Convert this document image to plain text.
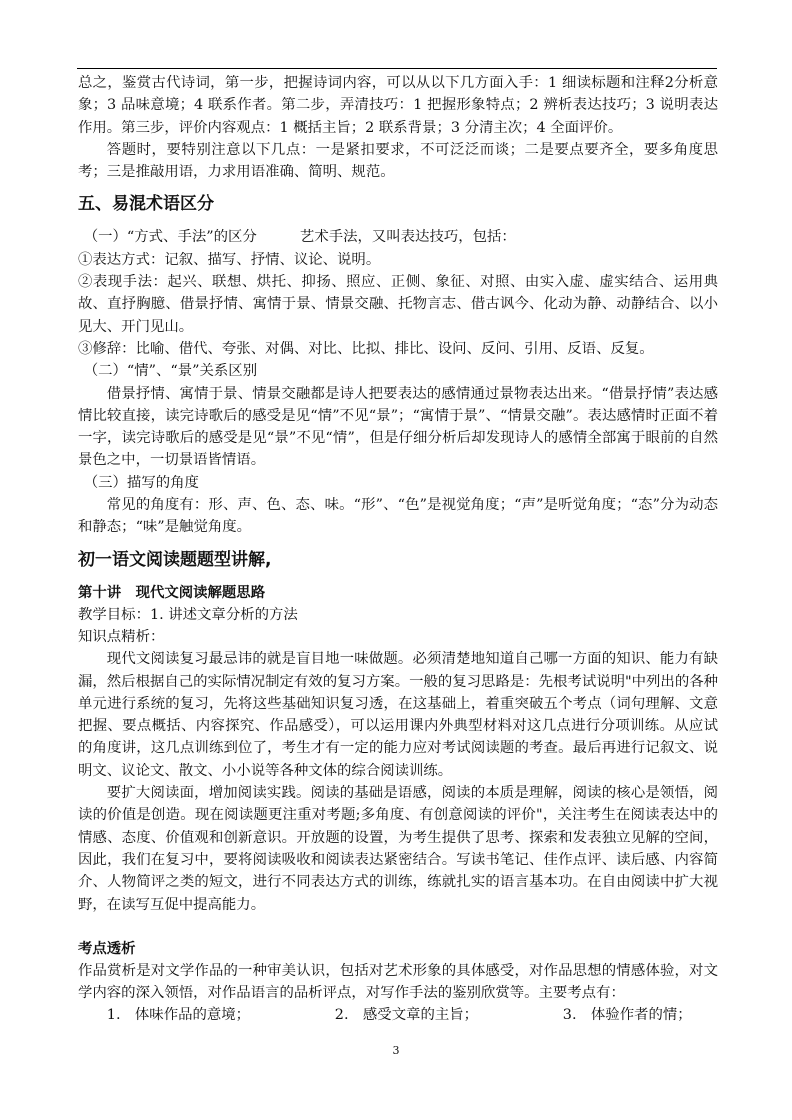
总之，鉴赏古代诗词，第一步，把握诗词内容，可以从以下几方面入手：1 细读标题和注释2分析意象；3 品味意境；4 联系作者。第二步，弄清技巧：1 把握形象特点；2 辨析表达技巧；3 说明表达作用。第三步，评价内容观点：1 概括主旨；2 联系背景；3 分清主次；4 全面评价。

答题时，要特别注意以下几点：一是紧扣要求，不可泛泛而谈；二是要点要齐全，要多角度思考；三是推敲用语，力求用语准确、简明、规范。

五、易混术语区分

（一）“方式、手法”的区分　　　艺术手法，又叫表达技巧，包括：

①表达方式：记叙、描写、抒情、议论、说明。

②表现手法：起兴、联想、烘托、抑扬、照应、正侧、象征、对照、由实入虚、虚实结合、运用典故、直抒胸臆、借景抒情、寓情于景、情景交融、托物言志、借古讽今、化动为静、动静结合、以小见大、开门见山。

③修辞：比喻、借代、夸张、对偶、对比、比拟、排比、设问、反问、引用、反语、反复。

（二）“情”、“景”关系区别

借景抒情、寓情于景、情景交融都是诗人把要表达的感情通过景物表达出来。“借景抒情”表达感情比较直接，读完诗歌后的感受是见“情”不见“景”；“寓情于景”、“情景交融”。表达感情时正面不着一字，读完诗歌后的感受是见“景”不见“情”，但是仔细分析后却发现诗人的感情全部寓于眼前的自然景色之中，一切景语皆情语。

（三）描写的角度

常见的角度有：形、声、色、态、味。“形”、“色”是视觉角度；“声”是听觉角度；“态”分为动态和静态；“味”是触觉角度。

初一语文阅读题题型讲解,
第十讲　现代文阅读解题思路

教学目标：1. 讲述文章分析的方法

知识点精析：

现代文阅读复习最忌讳的就是盲目地一味做题。必须清楚地知道自己哪一方面的知识、能力有缺漏，然后根据自己的实际情况制定有效的复习方案。一般的复习思路是：先根考试说明"中列出的各种单元进行系统的复习，先将这些基础知识复习透，在这基础上，着重突破五个考点（词句理解、文意把握、要点概括、内容探究、作品感受），可以运用课内外典型材料对这几点进行分项训练。从应试的角度讲，这几点训练到位了，考生才有一定的能力应对考试阅读题的考查。最后再进行记叙文、说明文、议论文、散文、小小说等各种文体的综合阅读训练。

要扩大阅读面，增加阅读实践。阅读的基础是语感，阅读的本质是理解，阅读的核心是领悟，阅读的价值是创造。现在阅读题更注重对考题;多角度、有创意阅读的评价"，关注考生在阅读表达中的情感、态度、价值观和创新意识。开放题的设置，为考生提供了思考、探索和发表独立见解的空间，因此，我们在复习中，要将阅读吸收和阅读表达紧密结合。写读书笔记、佳作点评、读后感、内容简介、人物简评之类的短文，进行不同表达方式的训练，练就扎实的语言基本功。在自由阅读中扩大视野，在读写互促中提高能力。

考点透析

作品赏析是对文学作品的一种审美认识，包括对艺术形象的具体感受，对作品思想的情感体验，对文学内容的深入领悟，对作品语言的品析评点，对写作手法的鉴别欣赏等。主要考点有：

1.　体味作品的意境；	2.　感受文章的主旨；	3.　体验作者的情；
3
